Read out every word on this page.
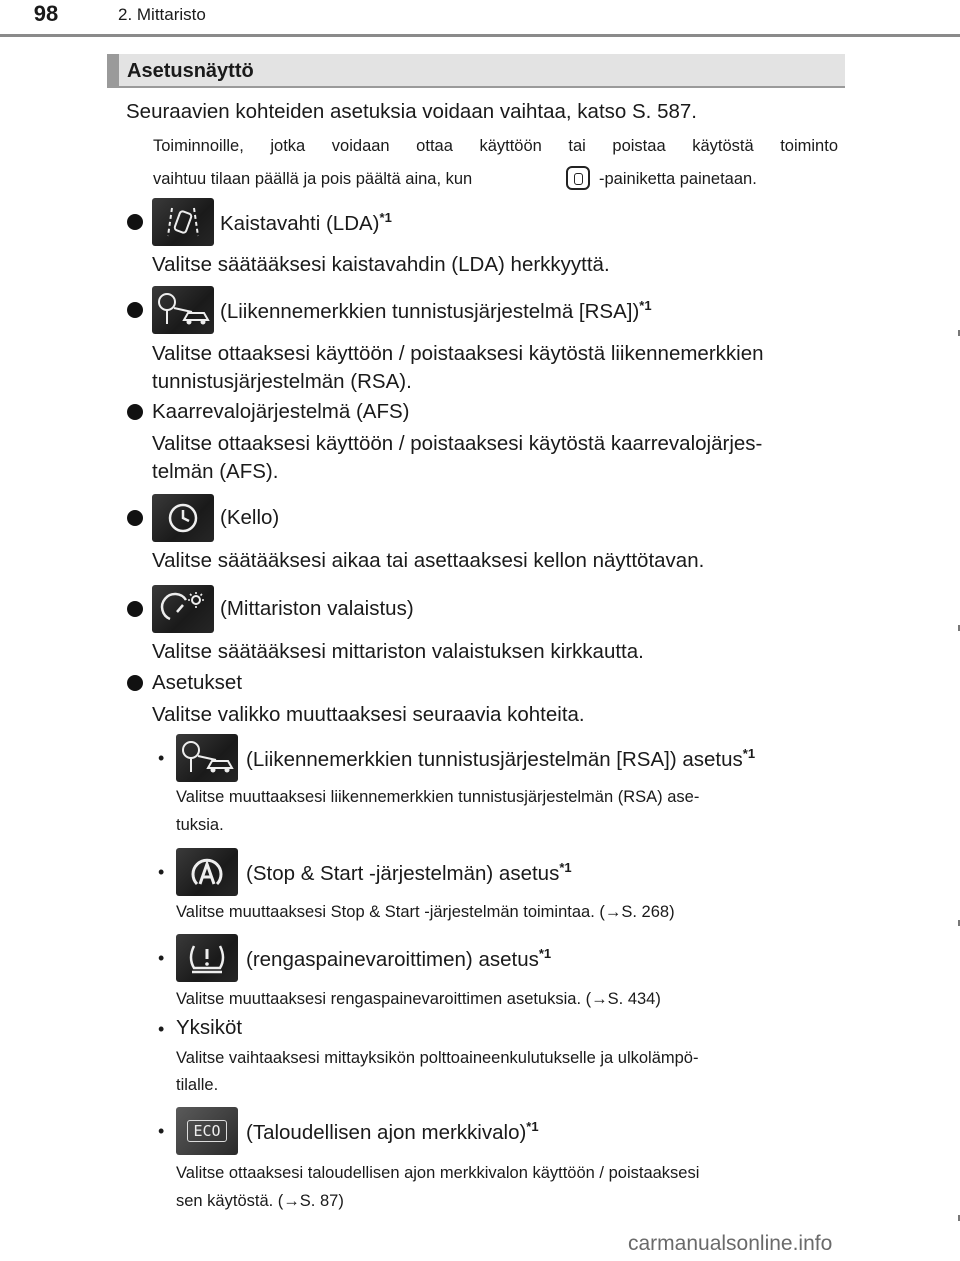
98	2. Mittaristo
Asetusnäyttö
Seuraavien kohteiden asetuksia voidaan vaihtaa, katso S. 587.
Toiminnoille, jotka voidaan ottaa käyttöön tai poistaa käytöstä toiminto
vaihtuu tilaan päällä ja pois päältä aina, kun	-painiketta painetaan.
Kaistavahti (LDA)$^{*1}$
Valitse säätääksesi kaistavahdin (LDA) herkkyyttä.
(Liikennemerkkien tunnistusjärjestelmä [RSA])$^{*1}$
Valitse ottaaksesi käyttöön / poistaaksesi käytöstä liikennemerkkien
tunnistusjärjestelmän (RSA).
Kaarrevalojärjestelmä (AFS)
Valitse ottaaksesi käyttöön / poistaaksesi käytöstä kaarrevalojärjes-
telmän (AFS).
(Kello)
Valitse säätääksesi aikaa tai asettaaksesi kellon näyttötavan.
(Mittariston valaistus)
Valitse säätääksesi mittariston valaistuksen kirkkautta.
Asetukset
Valitse valikko muuttaaksesi seuraavia kohteita.
•	(Liikennemerkkien tunnistusjärjestelmän [RSA]) asetus$^{*1}$
Valitse muuttaaksesi liikennemerkkien tunnistusjärjestelmän (RSA) ase-
tuksia.
•	(Stop & Start -järjestelmän) asetus$^{*1}$
Valitse muuttaaksesi Stop & Start -järjestelmän toimintaa. (→S. 268)
•	(rengaspainevaroittimen) asetus$^{*1}$
Valitse muuttaaksesi rengaspainevaroittimen asetuksia. (→S. 434)
• Yksiköt
Valitse vaihtaaksesi mittayksikön polttoaineenkulutukselle ja ulkolämpö-
tilalle.
•	ECO (Taloudellisen ajon merkkivalo)$^{*1}$
Valitse ottaaksesi taloudellisen ajon merkkivalon käyttöön / poistaaksesi
sen käytöstä. (→S. 87)
carmanualsonline.info
